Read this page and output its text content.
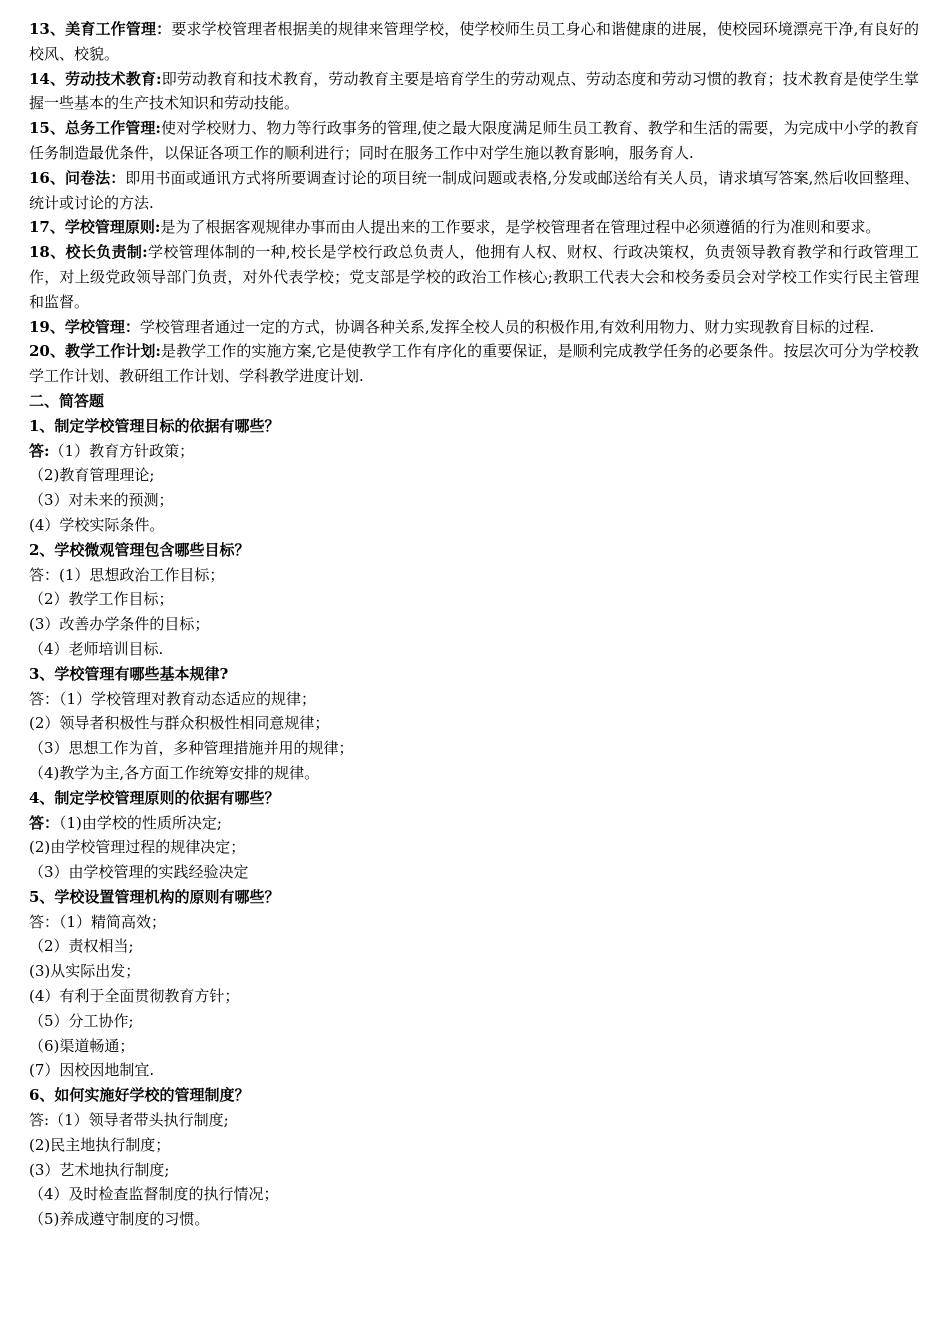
13、美育工作管理：要求学校管理者根据美的规律来管理学校，使学校师生员工身心和谐健康的进展，使校园环境漂亮干净,有良好的校风、校貌。

14、劳动技术教育:即劳动教育和技术教育，劳动教育主要是培育学生的劳动观点、劳动态度和劳动习惯的教育；技术教育是使学生掌握一些基本的生产技术知识和劳动技能。

15、总务工作管理:使对学校财力、物力等行政事务的管理,使之最大限度满足师生员工教育、教学和生活的需要，为完成中小学的教育任务制造最优条件，以保证各项工作的顺利进行；同时在服务工作中对学生施以教育影响，服务育人.

16、问卷法：即用书面或通讯方式将所要调查讨论的项目统一制成问题或表格,分发或邮送给有关人员，请求填写答案,然后收回整理、统计或讨论的方法.

17、学校管理原则:是为了根据客观规律办事而由人提出来的工作要求，是学校管理者在管理过程中必须遵循的行为准则和要求。

18、校长负责制:学校管理体制的一种,校长是学校行政总负责人，他拥有人权、财权、行政决策权，负责领导教育教学和行政管理工作，对上级党政领导部门负责，对外代表学校；党支部是学校的政治工作核心;教职工代表大会和校务委员会对学校工作实行民主管理和监督。

19、学校管理：学校管理者通过一定的方式，协调各种关系,发挥全校人员的积极作用,有效利用物力、财力实现教育目标的过程.

20、教学工作计划:是教学工作的实施方案,它是使教学工作有序化的重要保证，是顺利完成教学任务的必要条件。按层次可分为学校教学工作计划、教研组工作计划、学科教学进度计划.

二、简答题

1、制定学校管理目标的依据有哪些？

答:（1）教育方针政策；

（2)教育管理理论;

（3）对未来的预测；

(4）学校实际条件。

2、学校微观管理包含哪些目标？

答：(1）思想政治工作目标；

（2）教学工作目标；

(3）改善办学条件的目标；

（4）老师培训目标.

3、学校管理有哪些基本规律?

答：（1）学校管理对教育动态适应的规律；

(2）领导者积极性与群众积极性相同意规律；

（3）思想工作为首，多种管理措施并用的规律；

（4)教学为主,各方面工作统筹安排的规律。

4、制定学校管理原则的依据有哪些？

答：（1)由学校的性质所决定;

(2)由学校管理过程的规律决定；

（3）由学校管理的实践经验决定

5、学校设置管理机构的原则有哪些？

答：（1）精简高效；

（2）责权相当;

(3)从实际出发；

(4）有利于全面贯彻教育方针；

（5）分工协作;

（6)渠道畅通；

(7）因校因地制宜.

6、如何实施好学校的管理制度？

答:（1）领导者带头执行制度;

(2)民主地执行制度；

(3）艺术地执行制度;

（4）及时检查监督制度的执行情况；

（5)养成遵守制度的习惯。
